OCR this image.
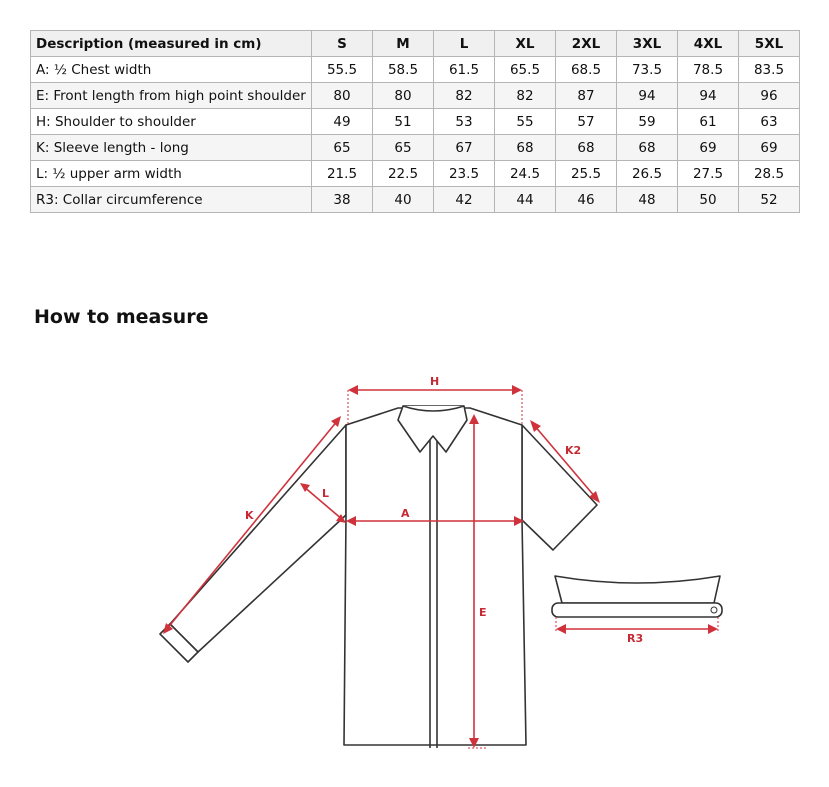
Description (measured in cm)	S	M	L	XL	2XL	3XL	4XL	5XL
A: ½ Chest width	55.5	58.5	61.5	65.5	68.5	73.5	78.5	83.5
E: Front length from high point shoulder	80	80	82	82	87	94	94	96
H: Shoulder to shoulder	49	51	53	55	57	59	61	63
K: Sleeve length - long	65	65	67	68	68	68	69	69
L: ½ upper arm width	21.5	22.5	23.5	24.5	25.5	26.5	27.5	28.5
R3: Collar circumference	38	40	42	44	46	48	50	52
How to measure
H
K2
K
L
A
E
R3
